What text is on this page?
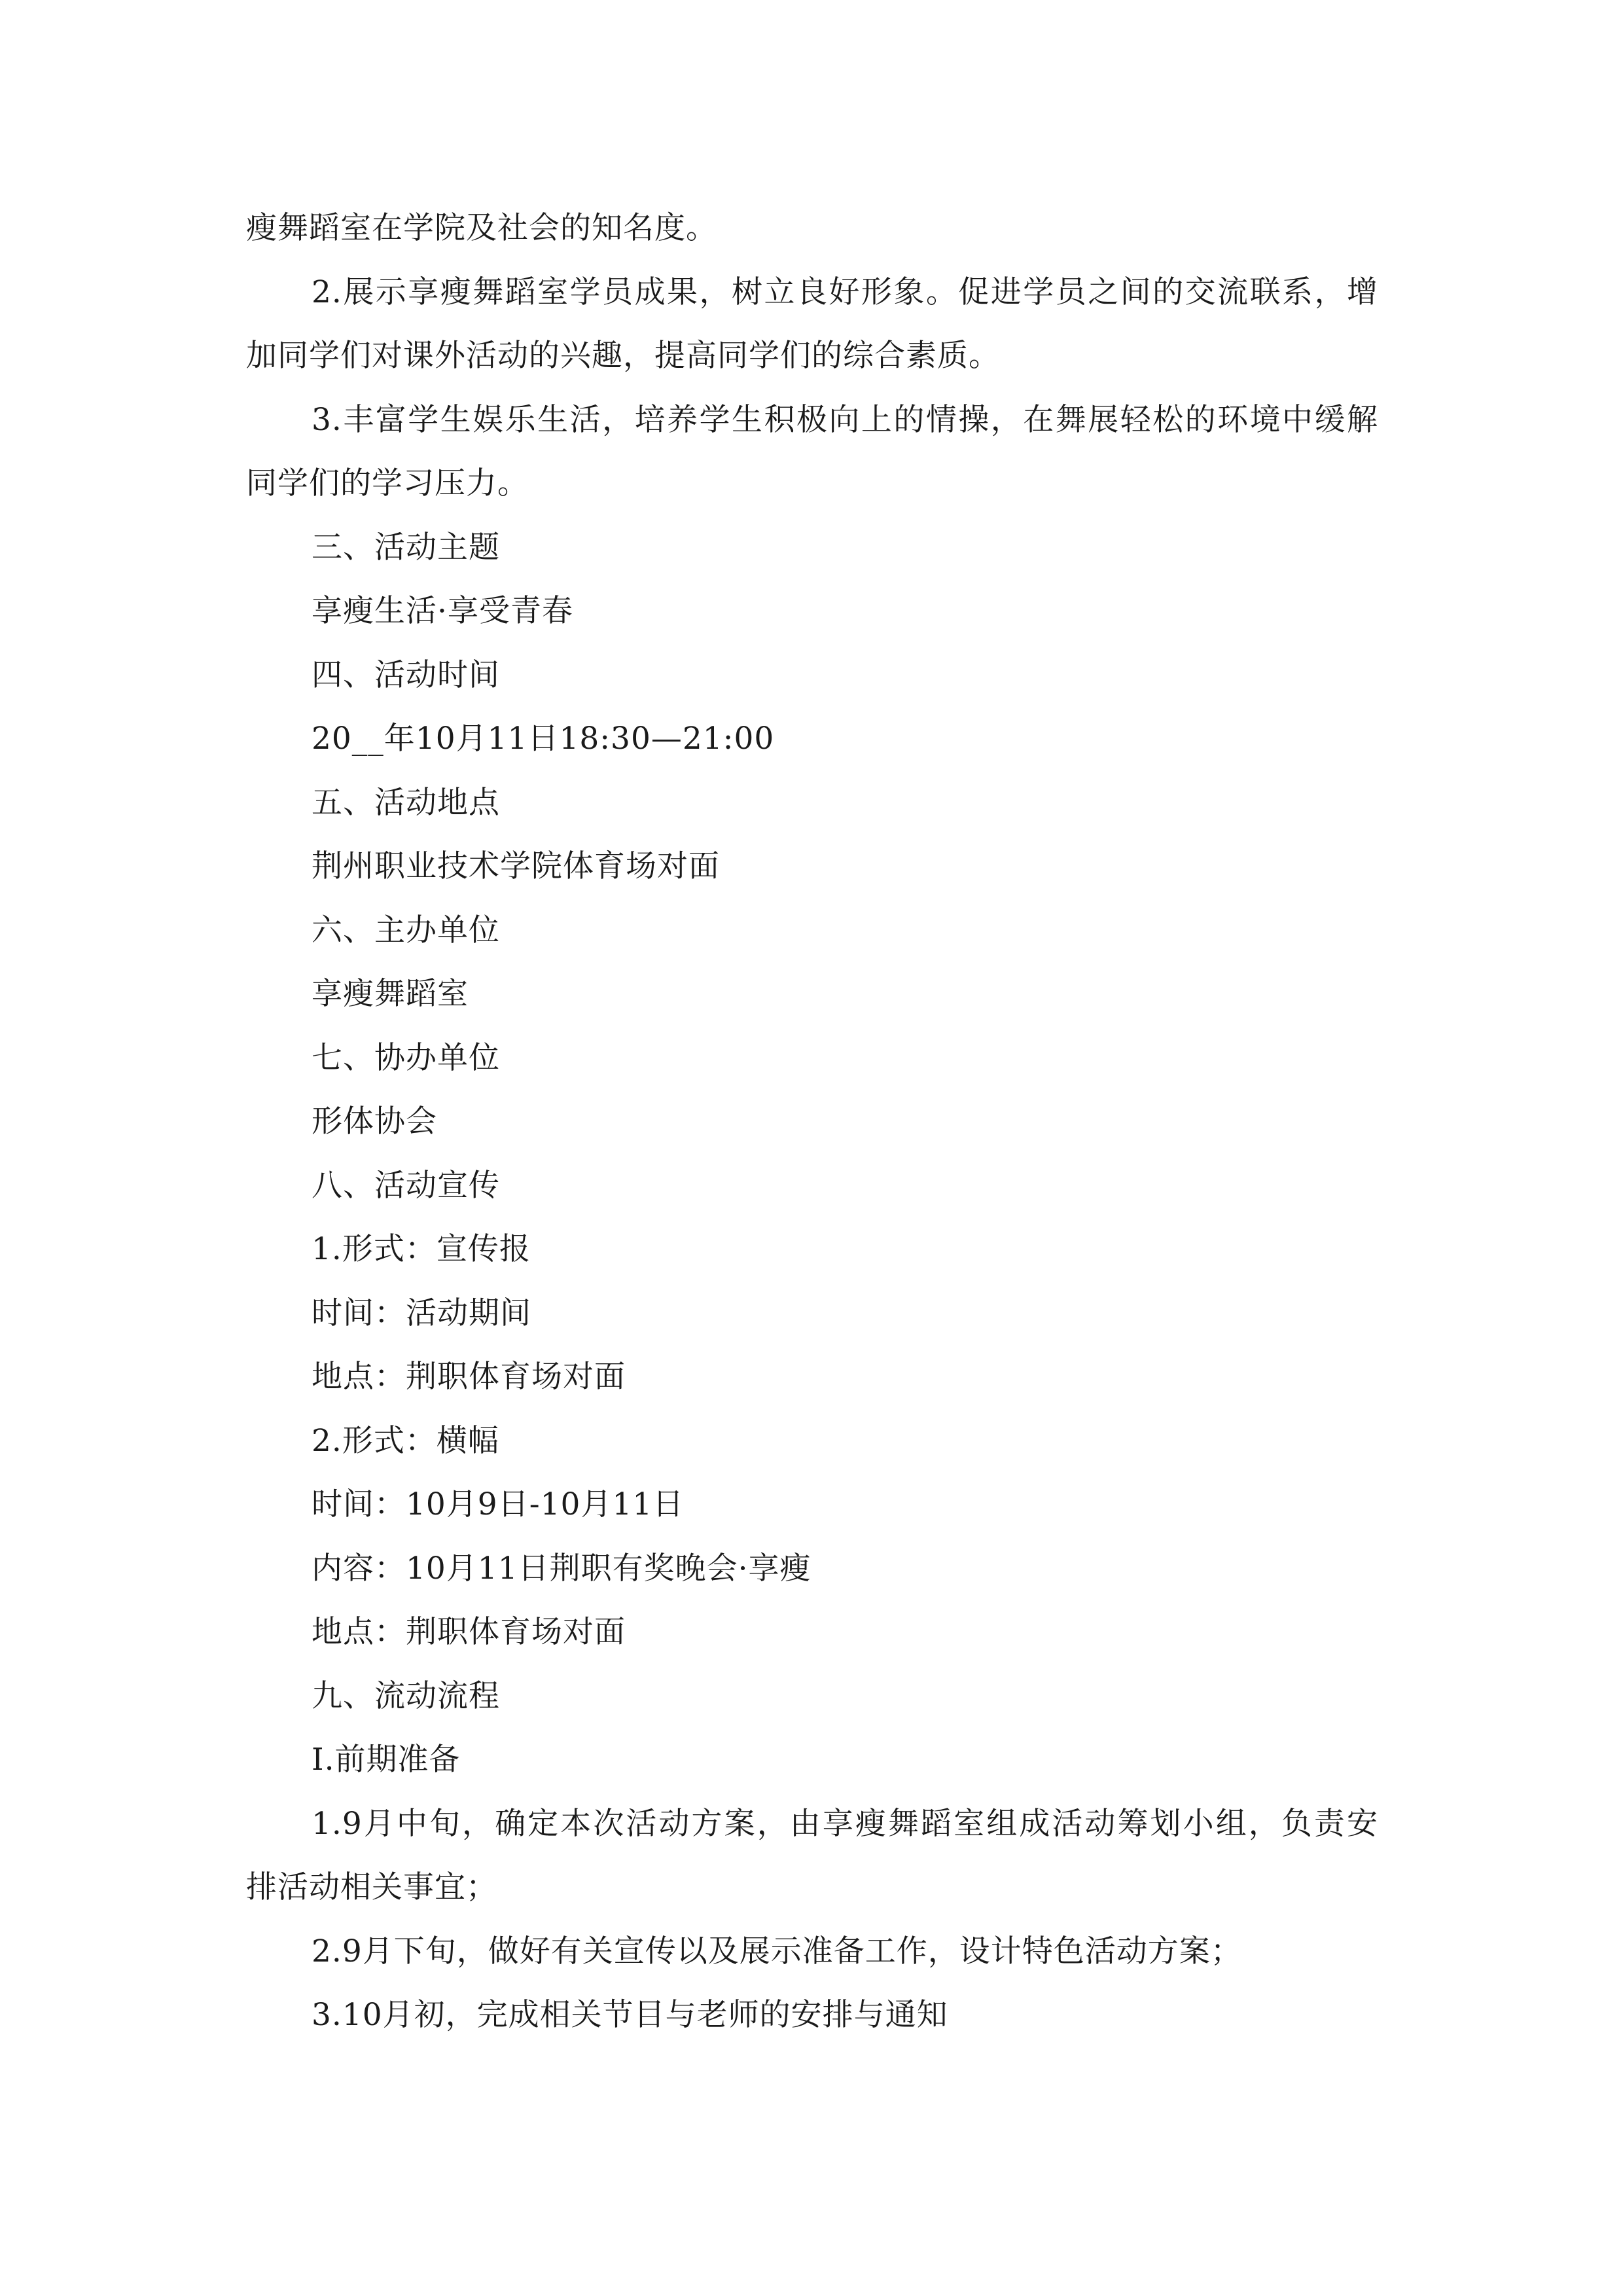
瘦舞蹈室在学院及社会的知名度。
2.展示享瘦舞蹈室学员成果，树立良好形象。促进学员之间的交流联系，增
加同学们对课外活动的兴趣，提高同学们的综合素质。
3.丰富学生娱乐生活，培养学生积极向上的情操，在舞展轻松的环境中缓解
同学们的学习压力。
三、活动主题
享瘦生活·享受青春
四、活动时间
20__年10月11日18:30—21:00
五、活动地点
荆州职业技术学院体育场对面
六、主办单位
享瘦舞蹈室
七、协办单位
形体协会
八、活动宣传
1.形式：宣传报
时间：活动期间
地点：荆职体育场对面
2.形式：横幅
时间：10月9日-10月11日
内容：10月11日荆职有奖晚会·享瘦
地点：荆职体育场对面
九、流动流程
Ⅰ.前期准备
1.9月中旬，确定本次活动方案，由享瘦舞蹈室组成活动筹划小组，负责安
排活动相关事宜；
2.9月下旬，做好有关宣传以及展示准备工作，设计特色活动方案；
3.10月初，完成相关节目与老师的安排与通知
